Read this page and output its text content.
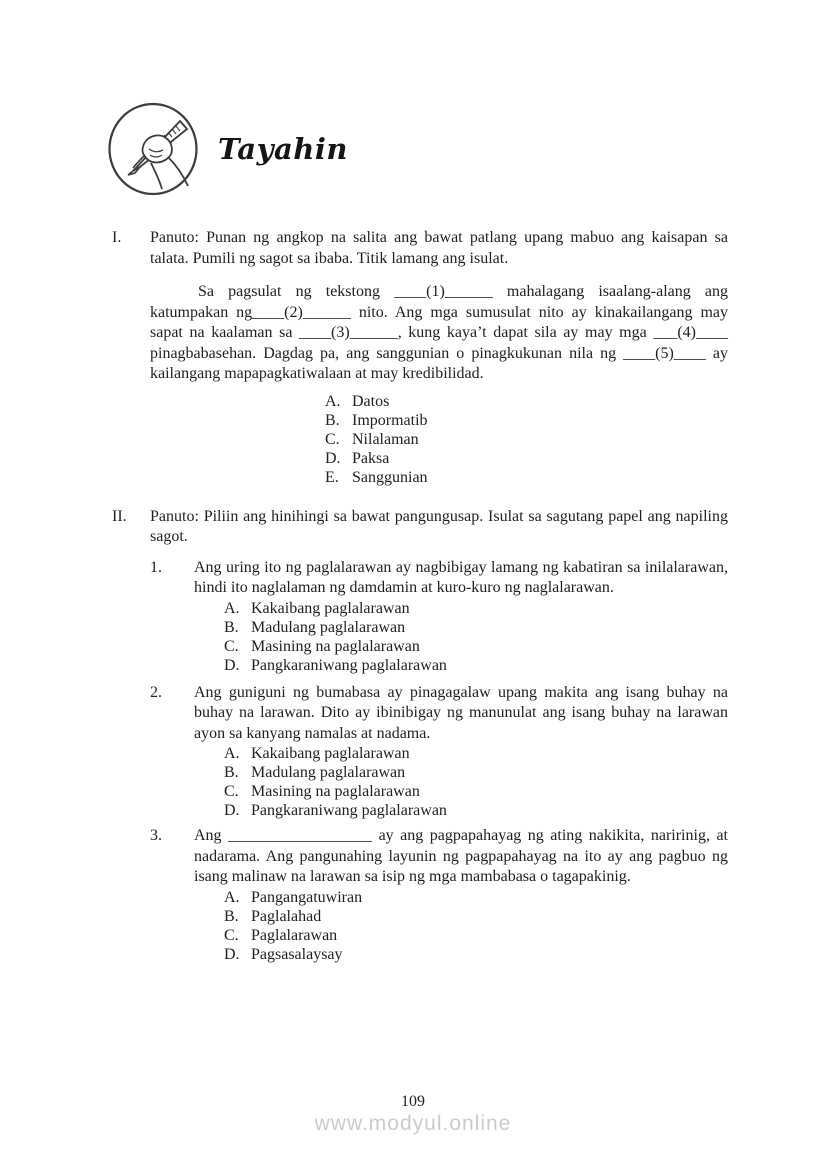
Tayahin
I.	Panuto: Punan ng angkop na salita ang bawat patlang upang mabuo ang kaisapan sa talata. Pumili ng sagot sa ibaba. Titik lamang ang isulat.

Sa pagsulat ng tekstong ____(1)______ mahalagang isaalang-alang ang katumpakan ng____(2)______ nito. Ang mga sumusulat nito ay kinakailangang may sapat na kaalaman sa ____(3)______, kung kaya’t dapat sila ay may mga ___(4)____ pinagbabasehan. Dagdag pa, ang sanggunian o pinagkukunan nila ng ____(5)____ ay kailangang mapapagkatiwalaan at may kredibilidad.

A. Datos
B. Impormatib
C. Nilalaman
D. Paksa
E. Sanggunian
II.	Panuto: Piliin ang hinihingi sa bawat pangungusap. Isulat sa sagutang papel ang napiling sagot.

1.	Ang uring ito ng paglalarawan ay nagbibigay lamang ng kabatiran sa inilalarawan, hindi ito naglalaman ng damdamin at kuro-kuro ng naglalarawan.

A. Kakaibang paglalarawan
B. Madulang paglalarawan
C. Masining na paglalarawan
D. Pangkaraniwang paglalarawan
2.	Ang guniguni ng bumabasa ay pinagagalaw upang makita ang isang buhay na buhay na larawan. Dito ay ibinibigay ng manunulat ang isang buhay na larawan ayon sa kanyang namalas at nadama.

A. Kakaibang paglalarawan
B. Madulang paglalarawan
C. Masining na paglalarawan
D. Pangkaraniwang paglalarawan
3.	Ang __________________ ay ang pagpapahayag ng ating nakikita, naririnig, at nadarama. Ang pangunahing layunin ng pagpapahayag na ito ay ang pagbuo ng isang malinaw na larawan sa isip ng mga mambabasa o tagapakinig.

A. Pangangatuwiran
B. Paglalahad
C. Paglalarawan
D. Pagsasalaysay
109
www.modyul.online
